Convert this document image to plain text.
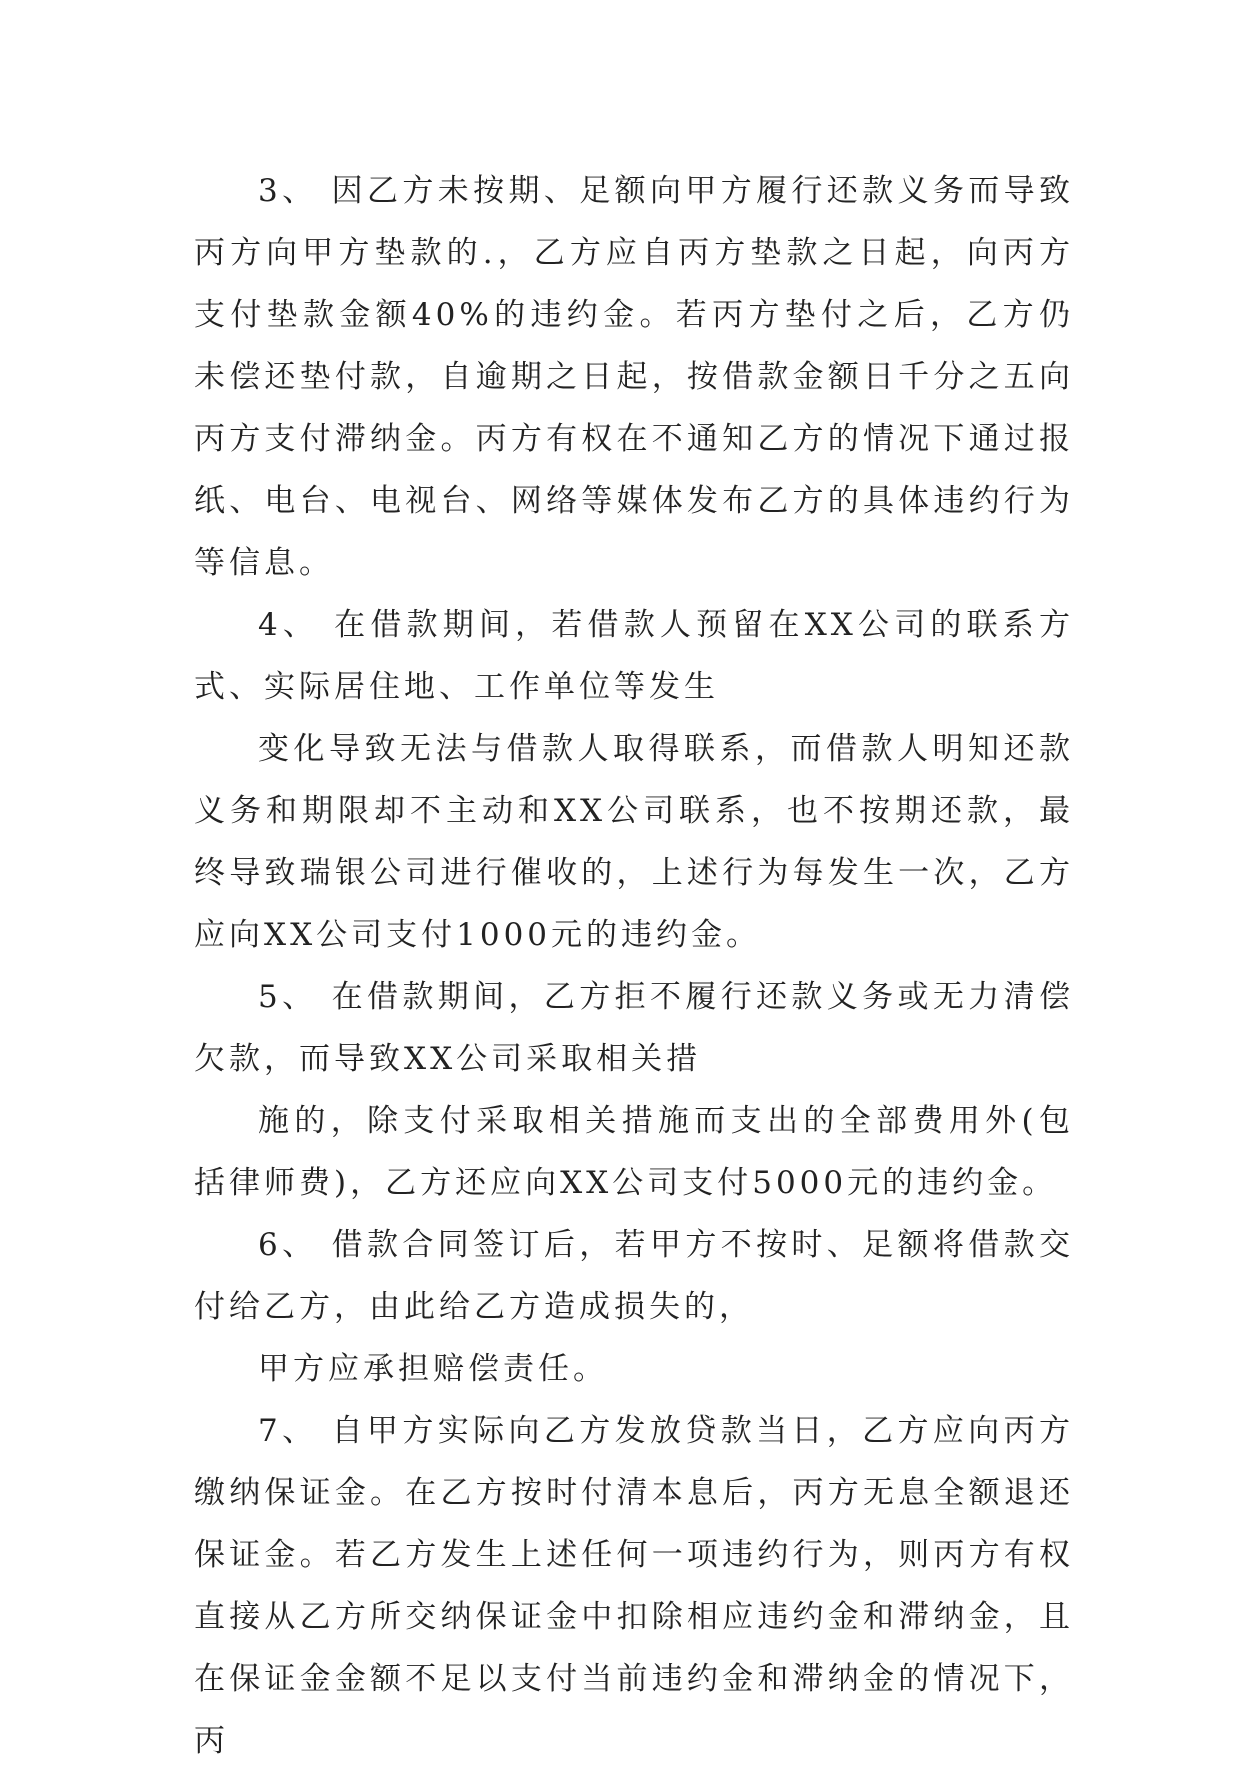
3、 因乙方未按期、足额向甲方履行还款义务而导致丙方向甲方垫款的.，乙方应自丙方垫款之日起，向丙方支付垫款金额40%的违约金。若丙方垫付之后，乙方仍未偿还垫付款，自逾期之日起，按借款金额日千分之五向丙方支付滞纳金。丙方有权在不通知乙方的情况下通过报纸、电台、电视台、网络等媒体发布乙方的具体违约行为等信息。

4、 在借款期间，若借款人预留在XX公司的联系方式、实际居住地、工作单位等发生

变化导致无法与借款人取得联系，而借款人明知还款义务和期限却不主动和XX公司联系，也不按期还款，最终导致瑞银公司进行催收的，上述行为每发生一次，乙方应向XX公司支付1000元的违约金。

5、 在借款期间，乙方拒不履行还款义务或无力清偿欠款，而导致XX公司采取相关措

施的，除支付采取相关措施而支出的全部费用外(包括律师费)，乙方还应向XX公司支付5000元的违约金。

6、 借款合同签订后，若甲方不按时、足额将借款交付给乙方，由此给乙方造成损失的，

甲方应承担赔偿责任。

7、 自甲方实际向乙方发放贷款当日，乙方应向丙方缴纳保证金。在乙方按时付清本息后，丙方无息全额退还保证金。若乙方发生上述任何一项违约行为，则丙方有权直接从乙方所交纳保证金中扣除相应违约金和滞纳金，且在保证金金额不足以支付当前违约金和滞纳金的情况下，丙
